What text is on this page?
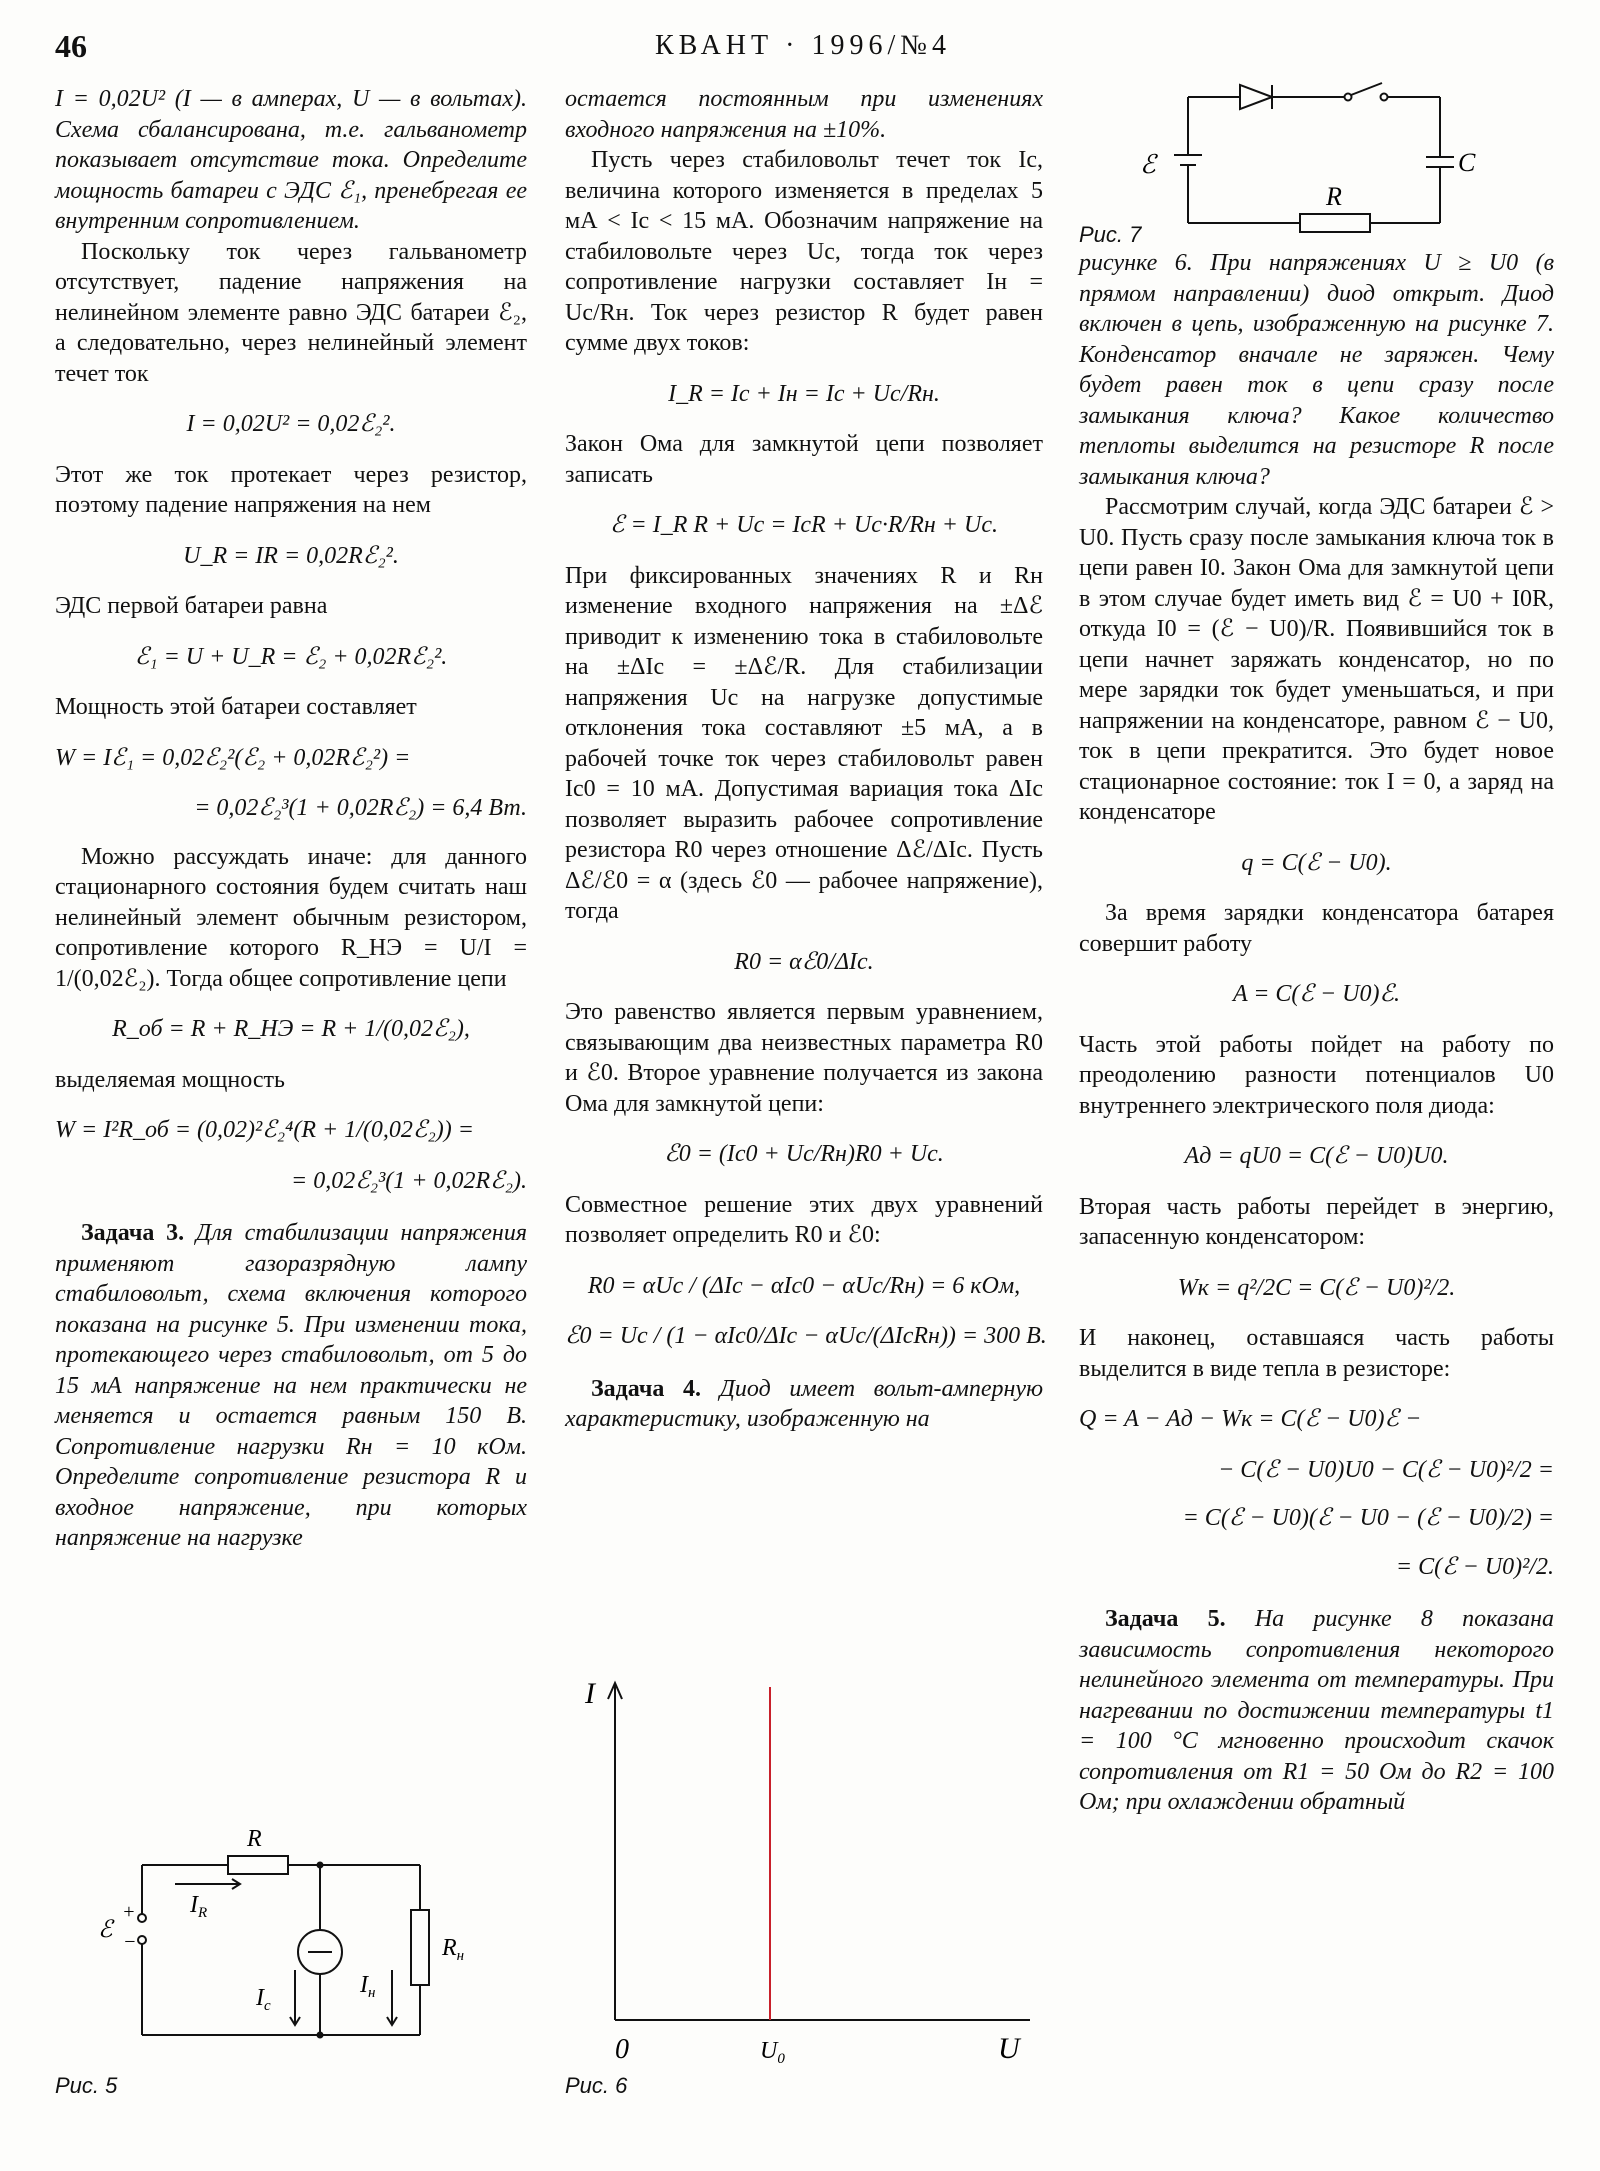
46	КВАНТ · 1996/№4

I = 0,02U² (I — в амперах, U — в вольтах). Схема сбалансирована, т.е. гальванометр показывает отсутствие тока. Определите мощность батареи с ЭДС ℰ₁, пренебрегая ее внутренним сопротивлением.

Поскольку ток через гальванометр отсутствует, падение напряжения на нелинейном элементе равно ЭДС батареи ℰ₂, а следовательно, через нелинейный элемент течет ток

I = 0,02U² = 0,02ℰ₂².

Этот же ток протекает через резистор, поэтому падение напряжения на нем

U_R = IR = 0,02Rℰ₂².

ЭДС первой батареи равна

ℰ₁ = U + U_R = ℰ₂ + 0,02Rℰ₂².

Мощность этой батареи составляет

W = Iℰ₁ = 0,02ℰ₂²(ℰ₂ + 0,02Rℰ₂²) =

= 0,02ℰ₂³(1 + 0,02Rℰ₂) = 6,4 Вт.

Можно рассуждать иначе: для данного стационарного состояния будем считать наш нелинейный элемент обычным резистором, сопротивление которого R_НЭ = U/I = 1/(0,02ℰ₂). Тогда общее сопротивление цепи

R_об = R + R_НЭ = R + 1/(0,02ℰ₂),

выделяемая мощность

W = I²R_об = (0,02)²ℰ₂⁴(R + 1/(0,02ℰ₂)) =

= 0,02ℰ₂³(1 + 0,02Rℰ₂).

Задача 3. Для стабилизации напряжения применяют газоразрядную лампу стабиловольт, схема включения которого показана на рисунке 5. При изменении тока, протекающего через стабиловольт, от 5 до 15 мА напряжение на нем практически не меняется и остается равным 150 В. Сопротивление нагрузки Rн = 10 кОм. Определите сопротивление резистора R и входное напряжение, при которых напряжение на нагрузке

остается постоянным при изменениях входного напряжения на ±10%.

Пусть через стабиловольт течет ток Iс, величина которого изменяется в пределах 5 мА < Iс < 15 мА. Обозначим напряжение на стабиловольте через Uс, тогда ток через сопротивление нагрузки составляет Iн = Uс/Rн. Ток через резистор R будет равен сумме двух токов:

I_R = Iс + Iн = Iс + Uс/Rн.

Закон Ома для замкнутой цепи позволяет записать

ℰ = I_R R + Uс = IсR + Uс·R/Rн + Uс.

При фиксированных значениях R и Rн изменение входного напряжения на ±Δℰ приводит к изменению тока в стабиловольте на ±ΔIс = ±Δℰ/R. Для стабилизации напряжения Uс на нагрузке допустимые отклонения тока составляют ±5 мА, а в рабочей точке ток через стабиловольт равен Iс0 = 10 мА. Допустимая вариация тока ΔIс позволяет выразить рабочее сопротивление резистора R0 через отношение Δℰ/ΔIс. Пусть Δℰ/ℰ0 = α (здесь ℰ0 — рабочее напряжение), тогда

R0 = αℰ0/ΔIс.

Это равенство является первым уравнением, связывающим два неизвестных параметра R0 и ℰ0. Второе уравнение получается из закона Ома для замкнутой цепи:

ℰ0 = (Iс0 + Uс/Rн)R0 + Uс.

Совместное решение этих двух уравнений позволяет определить R0 и ℰ0:

R0 = αUс / (ΔIс − αIс0 − αUс/Rн) = 6 кОм,

ℰ0 = Uс / (1 − αIс0/ΔIс − αUс/(ΔIсRн)) = 300 В.

Задача 4. Диод имеет вольт-амперную характеристику, изображенную на

рисунке 6. При напряжениях U ≥ U0 (в прямом направлении) диод открыт. Диод включен в цепь, изображенную на рисунке 7. Конденсатор вначале не заряжен. Чему будет равен ток в цепи сразу после замыкания ключа? Какое количество теплоты выделится на резисторе R после замыкания ключа?

Рассмотрим случай, когда ЭДС батареи ℰ > U0. Пусть сразу после замыкания ключа ток в цепи равен I0. Закон Ома для замкнутой цепи в этом случае будет иметь вид ℰ = U0 + I0R, откуда I0 = (ℰ − U0)/R. Появившийся ток в цепи начнет заряжать конденсатор, но по мере зарядки ток будет уменьшаться, и при напряжении на конденсаторе, равном ℰ − U0, ток в цепи прекратится. Это будет новое стационарное состояние: ток I = 0, а заряд на конденсаторе

q = C(ℰ − U0).

За время зарядки конденсатора батарея совершит работу

A = C(ℰ − U0)ℰ.

Часть этой работы пойдет на работу по преодолению разности потенциалов U0 внутреннего электрического поля диода:

Aд = qU0 = C(ℰ − U0)U0.

Вторая часть работы перейдет в энергию, запасенную конденсатором:

Wк = q²/2C = C(ℰ − U0)²/2.

И наконец, оставшаяся часть работы выделится в виде тепла в резисторе:

Q = A − Aд − Wк = C(ℰ − U0)ℰ −

− C(ℰ − U0)U0 − C(ℰ − U0)²/2 =

= C(ℰ − U0)(ℰ − U0 − (ℰ − U0)/2) =

= C(ℰ − U0)²/2.

Задача 5. На рисунке 8 показана зависимость сопротивления некоторого нелинейного элемента от температуры. При нагревании по достижении температуры t1 = 100 °C мгновенно происходит скачок сопротивления от R1 = 50 Ом до R2 = 100 Ом; при охлаждении обратный

R
$I_R$
ℰ
+
−
$I_с$
$I_н$
$R_н$
Рис. 5
I
U
0	$U_0$
Рис. 6
ℰ	C
R
Рис. 7
